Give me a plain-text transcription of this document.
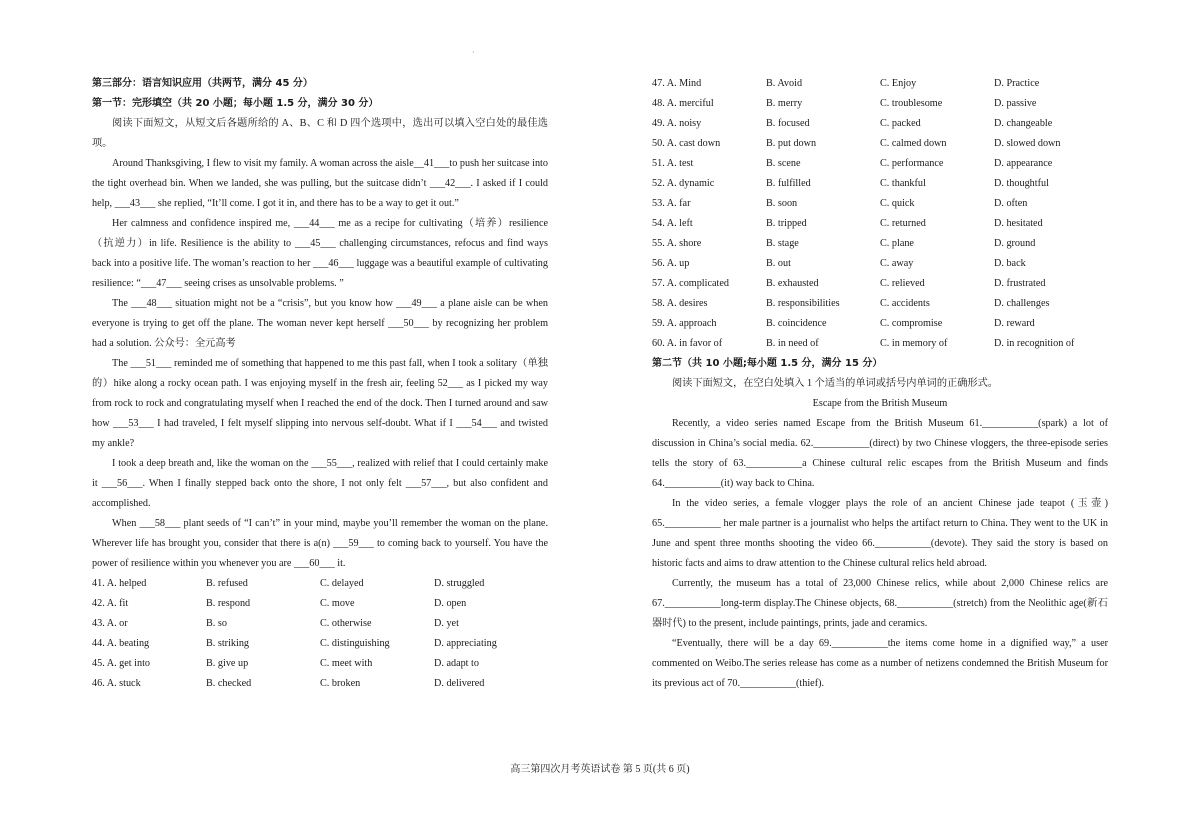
·
第三部分：语言知识应用（共两节，满分 45 分）
第一节：完形填空（共 20 小题；每小题 1.5 分，满分 30 分）
阅读下面短文，从短文后各题所给的 A、B、C 和 D 四个选项中，选出可以填入空白处的最佳选项。
Around Thanksgiving, I flew to visit my family. A woman across the aisle__41___to push her suitcase into the tight overhead bin. When we landed, she was pulling, but the suitcase didn’t ___42___. I asked if I could help, ___43___ she replied, “It’ll come. I got it in, and there has to be a way to get it out.”
Her calmness and confidence inspired me, ___44___ me as a recipe for cultivating（培养）resilience（抗逆力）in life. Resilience is the ability to ___45___ challenging circumstances, refocus and find ways back into a positive life. The woman’s reaction to her ___46___ luggage was a beautiful example of cultivating resilience: “___47___ seeing crises as unsolvable problems. ”
The ___48___ situation might not be a “crisis”, but you know how ___49___ a plane aisle can be when everyone is trying to get off the plane. The woman never kept herself ___50___ by recognizing her problem had a solution. 公众号：全元高考
The ___51___ reminded me of something that happened to me this past fall, when I took a solitary（单独的）hike along a rocky ocean path. I was enjoying myself in the fresh air, feeling 52___ as I picked my way from rock to rock and congratulating myself when I reached the end of the dock. Then I turned around and saw how ___53___ I had traveled, I felt myself slipping into nervous self-doubt. What if I ___54___ and twisted my ankle?
I took a deep breath and, like the woman on the ___55___, realized with relief that I could certainly make it ___56___. When I finally stepped back onto the shore, I not only felt ___57___, but also confident and accomplished.
When ___58___ plant seeds of “I can’t” in your mind, maybe you’ll remember the woman on the plane. Wherever life has brought you, consider that there is a(n) ___59___ to coming back to yourself. You have the power of resilience within you whenever you are ___60___ it.
41. A. helped	B. refused	C. delayed	D. struggled
42. A. fit	B. respond	C. move	D. open
43. A. or	B. so	C. otherwise	D. yet
44. A. beating	B. striking	C. distinguishing	D. appreciating
45. A. get into	B. give up	C. meet with	D. adapt to
46. A. stuck	B. checked	C. broken	D. delivered
47. A. Mind	B. Avoid	C. Enjoy	D. Practice
48. A. merciful	B. merry	C. troublesome	D. passive
49. A. noisy	B. focused	C. packed	D. changeable
50. A. cast down	B. put down	C. calmed down	D. slowed down
51. A. test	B. scene	C. performance	D. appearance
52. A. dynamic	B. fulfilled	C. thankful	D. thoughtful
53. A. far	B. soon	C. quick	D. often
54. A. left	B. tripped	C. returned	D. hesitated
55. A. shore	B. stage	C. plane	D. ground
56. A. up	B. out	C. away	D. back
57. A. complicated	B. exhausted	C. relieved	D. frustrated
58. A. desires	B. responsibilities	C. accidents	D. challenges
59. A. approach	B. coincidence	C. compromise	D. reward
60. A. in favor of	B. in need of	C. in memory of	D. in recognition of
第二节（共 10 小题;每小题 1.5 分，满分 15 分）
阅读下面短文，在空白处填入 1 个适当的单词或括号内单词的正确形式。
Escape from the British Museum
Recently, a video series named Escape from the British Museum 61.___________(spark) a lot of discussion in China’s social media. 62.___________(direct) by two Chinese vloggers, the three-episode series tells the story of 63.___________a Chinese cultural relic escapes from the British Museum and finds 64.___________(it) way back to China.
In the video series, a female vlogger plays the role of an ancient Chinese jade teapot (玉壶) 65.___________ her male partner is a journalist who helps the artifact return to China. They went to the UK in June and spent three months shooting the video 66.___________(devote). They said the story is based on historic facts and aims to draw attention to the Chinese cultural relics held abroad.
Currently, the museum has a total of 23,000 Chinese relics, while about 2,000 Chinese relics are 67.___________long-term display.The Chinese objects, 68.___________(stretch) from the Neolithic age(新石器时代) to the present, include paintings, prints, jade and ceramics.
“Eventually, there will be a day 69.___________the items come home in a dignified way,” a user commented on Weibo.The series release has come as a number of netizens condemned the British Museum for its previous act of 70.___________(thief).
高三第四次月考英语试卷 第 5 页(共 6 页)
